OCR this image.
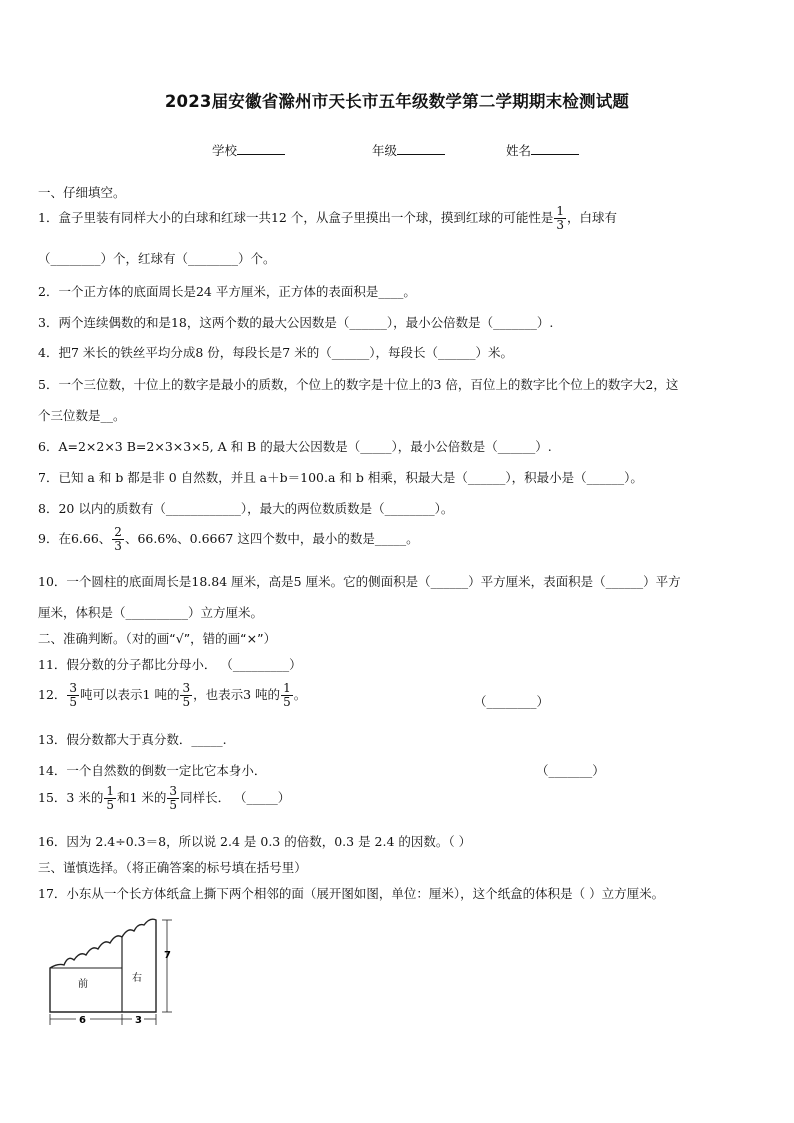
2023届安徽省滁州市天长市五年级数学第二学期期末检测试题
学校	年级	姓名
一、仔细填空。
1．盒子里装有同样大小的白球和红球一共12 个，从盒子里摸出一个球，摸到红球的可能性是 $\frac{1}{3}$ ，白球有
（________）个，红球有（________）个。
2．一个正方体的底面周长是24 平方厘米，正方体的表面积是____。
3．两个连续偶数的和是18，这两个数的最大公因数是（______），最小公倍数是（_______）.
4．把7 米长的铁丝平均分成8 份，每段长是7 米的（______），每段长（______）米。
5．一个三位数，十位上的数字是最小的质数，个位上的数字是十位上的3 倍，百位上的数字比个位上的数字大2，这
个三位数是__。
6．A=2×2×3 B=2×3×3×5, A 和 B 的最大公因数是（_____），最小公倍数是（______）.
7．已知 a 和 b 都是非 0 自然数，并且 a＋b＝100.a 和 b 相乘，积最大是（______），积最小是（______）。
8．20 以内的质数有（____________），最大的两位数质数是（________）。
9．在6.66、 $\frac{2}{3}$ 、66.6%、0.6667 这四个数中，最小的数是_____。
10．一个圆柱的底面周长是18.84 厘米，高是5 厘米。它的侧面积是（______）平方厘米，表面积是（______）平方
厘米，体积是（__________）立方厘米。
二、准确判断。（对的画“√”，错的画“×”）
11．假分数的分子都比分母小． （_________）
12． $\frac{3}{5}$ 吨可以表示1 吨的 $\frac{3}{5}$ ，也表示3 吨的 $\frac{1}{5}$ 。	（________）
13．假分数都大于真分数．_____.
14．一个自然数的倒数一定比它本身小．	（_______）
15．3 米的 $\frac{1}{5}$ 和1 米的 $\frac{3}{5}$ 同样长． （_____）
16．因为 2.4÷0.3＝8，所以说 2.4 是 0.3 的倍数，0.3 是 2.4 的因数。（ ）
三、谨慎选择。（将正确答案的标号填在括号里）
17．小东从一个长方体纸盒上撕下两个相邻的面（展开图如图，单位：厘米），这个纸盒的体积是（ ）立方厘米。
前
右
7
6	3
